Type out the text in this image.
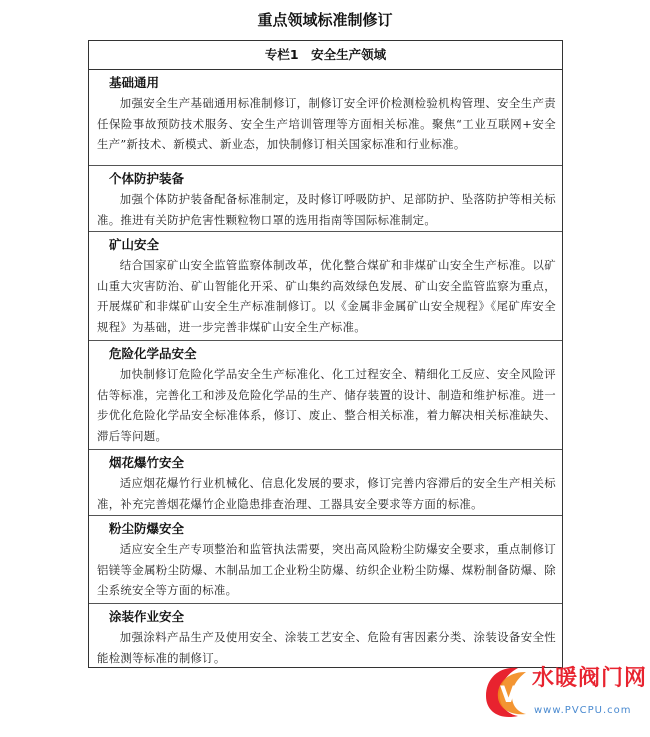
重点领域标准制修订
专栏1　安全生产领域
基础通用
加强安全生产基础通用标准制修订，制修订安全评价检测检验机构管理、安全生产责任保险事故预防技术服务、安全生产培训管理等方面相关标准。聚焦“工业互联网+安全生产”新技术、新模式、新业态，加快制修订相关国家标准和行业标准。
个体防护装备
加强个体防护装备配备标准制定，及时修订呼吸防护、足部防护、坠落防护等相关标准。推进有关防护危害性颗粒物口罩的选用指南等国际标准制定。
矿山安全
结合国家矿山安全监管监察体制改革，优化整合煤矿和非煤矿山安全生产标准。以矿山重大灾害防治、矿山智能化开采、矿山集约高效绿色发展、矿山安全监管监察为重点，开展煤矿和非煤矿山安全生产标准制修订。以《金属非金属矿山安全规程》《尾矿库安全规程》为基础，进一步完善非煤矿山安全生产标准。
危险化学品安全
加快制修订危险化学品安全生产标准化、化工过程安全、精细化工反应、安全风险评估等标准，完善化工和涉及危险化学品的生产、储存装置的设计、制造和维护标准。进一步优化危险化学品安全标准体系，修订、废止、整合相关标准，着力解决相关标准缺失、滞后等问题。
烟花爆竹安全
适应烟花爆竹行业机械化、信息化发展的要求，修订完善内容滞后的安全生产相关标准，补充完善烟花爆竹企业隐患排查治理、工器具安全要求等方面的标准。
粉尘防爆安全
适应安全生产专项整治和监管执法需要，突出高风险粉尘防爆安全要求，重点制修订铝镁等金属粉尘防爆、木制品加工企业粉尘防爆、纺织企业粉尘防爆、煤粉制备防爆、除尘系统安全等方面的标准。
涂装作业安全
加强涂料产品生产及使用安全、涂装工艺安全、危险有害因素分类、涂装设备安全性能检测等标准的制修订。
V
水暖阀门网
www.PVCPU.com
